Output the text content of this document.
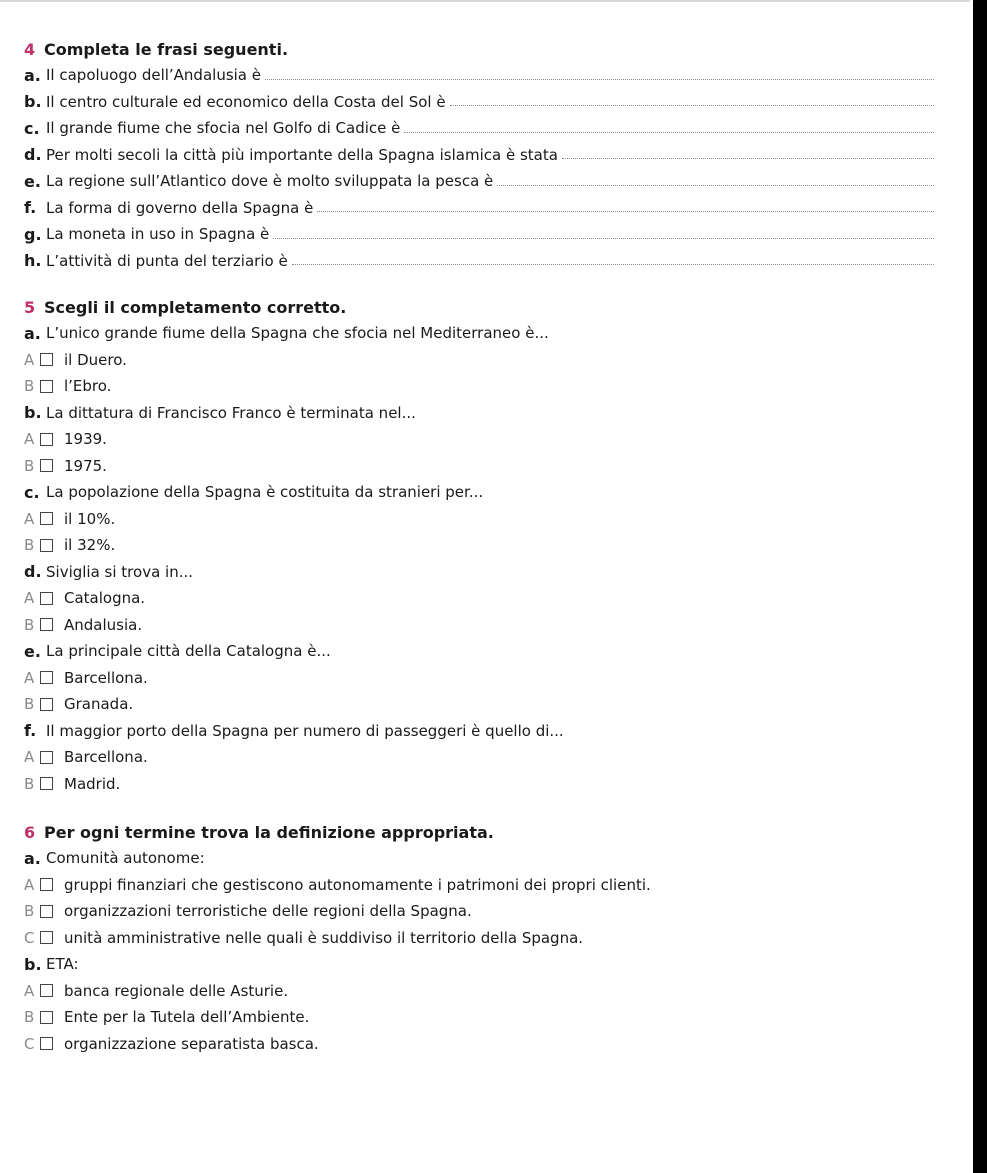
4 Completa le frasi seguenti.
a. Il capoluogo dell’Andalusia è
b. Il centro culturale ed economico della Costa del Sol è
c. Il grande fiume che sfocia nel Golfo di Cadice è
d. Per molti secoli la città più importante della Spagna islamica è stata
e. La regione sull’Atlantico dove è molto sviluppata la pesca è
f. La forma di governo della Spagna è
g. La moneta in uso in Spagna è
h. L’attività di punta del terziario è
5 Scegli il completamento corretto.
a. L’unico grande fiume della Spagna che sfocia nel Mediterraneo è...
A	il Duero.
B	l’Ebro.
b. La dittatura di Francisco Franco è terminata nel...
A	1939.
B	1975.
c. La popolazione della Spagna è costituita da stranieri per...
A	il 10%.
B	il 32%.
d. Siviglia si trova in...
A	Catalogna.
B	Andalusia.
e. La principale città della Catalogna è...
A	Barcellona.
B	Granada.
f. Il maggior porto della Spagna per numero di passeggeri è quello di...
A	Barcellona.
B	Madrid.
6 Per ogni termine trova la definizione appropriata.
a. Comunità autonome:
A	gruppi finanziari che gestiscono autonomamente i patrimoni dei propri clienti.
B	organizzazioni terroristiche delle regioni della Spagna.
C	unità amministrative nelle quali è suddiviso il territorio della Spagna.
b. ETA:
A	banca regionale delle Asturie.
B	Ente per la Tutela dell’Ambiente.
C	organizzazione separatista basca.
